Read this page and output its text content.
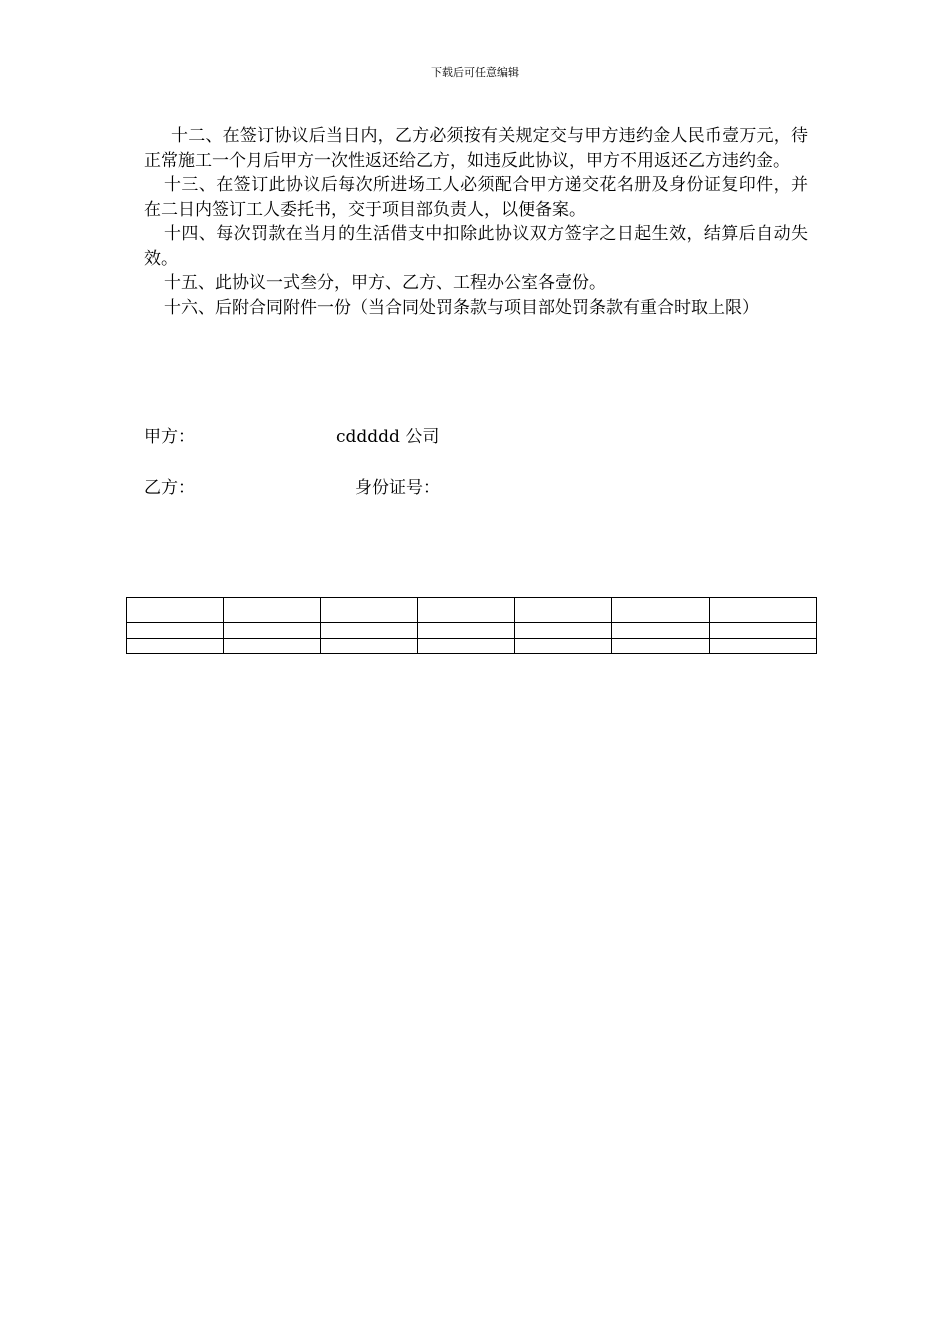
下载后可任意编辑

十二、在签订协议后当日内，乙方必须按有关规定交与甲方违约金人民币壹万元，待正常施工一个月后甲方一次性返还给乙方，如违反此协议，甲方不用返还乙方违约金。

十三、在签订此协议后每次所进场工人必须配合甲方递交花名册及身份证复印件，并在二日内签订工人委托书，交于项目部负责人，以便备案。

十四、每次罚款在当月的生活借支中扣除此协议双方签字之日起生效，结算后自动失效。

十五、此协议一式叁分，甲方、乙方、工程办公室各壹份。

十六、后附合同附件一份（当合同处罚条款与项目部处罚条款有重合时取上限）

甲方：	cddddd 公司
乙方：	身份证号：
